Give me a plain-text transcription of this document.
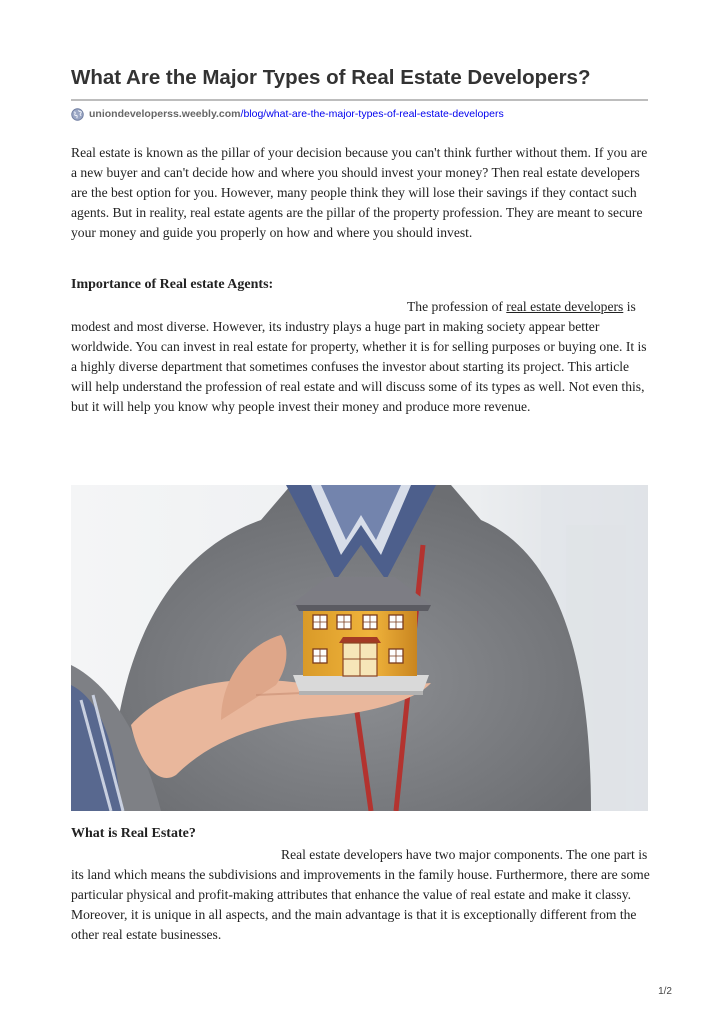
What Are the Major Types of Real Estate Developers?
uniondeveloperss.weebly.com /blog/what-are-the-major-types-of-real-estate-developers

Real estate is known as the pillar of your decision because you can't think further without them. If you are a new buyer and can't decide how and where you should invest your money? Then real estate developers are the best option for you. However, many people think they will lose their savings if they contact such agents. But in reality, real estate agents are the pillar of the property profession. They are meant to secure your money and guide you properly on how and where you should invest.

Importance of Real estate Agents:

The profession of real estate developers is modest and most diverse. However, its industry plays a huge part in making society appear better worldwide. You can invest in real estate for property, whether it is for selling purposes or buying one. It is a highly diverse department that sometimes confuses the investor about starting its project. This article will help understand the profession of real estate and will discuss some of its types as well. Not even this, but it will help you know why people invest their money and produce more revenue.

What is Real Estate?

Real estate developers have two major components. The one part is its land which means the subdivisions and improvements in the family house. Furthermore, there are some particular physical and profit-making attributes that enhance the value of real estate and make it classy. Moreover, it is unique in all aspects, and the main advantage is that it is exceptionally different from the other real estate businesses.

1/2
